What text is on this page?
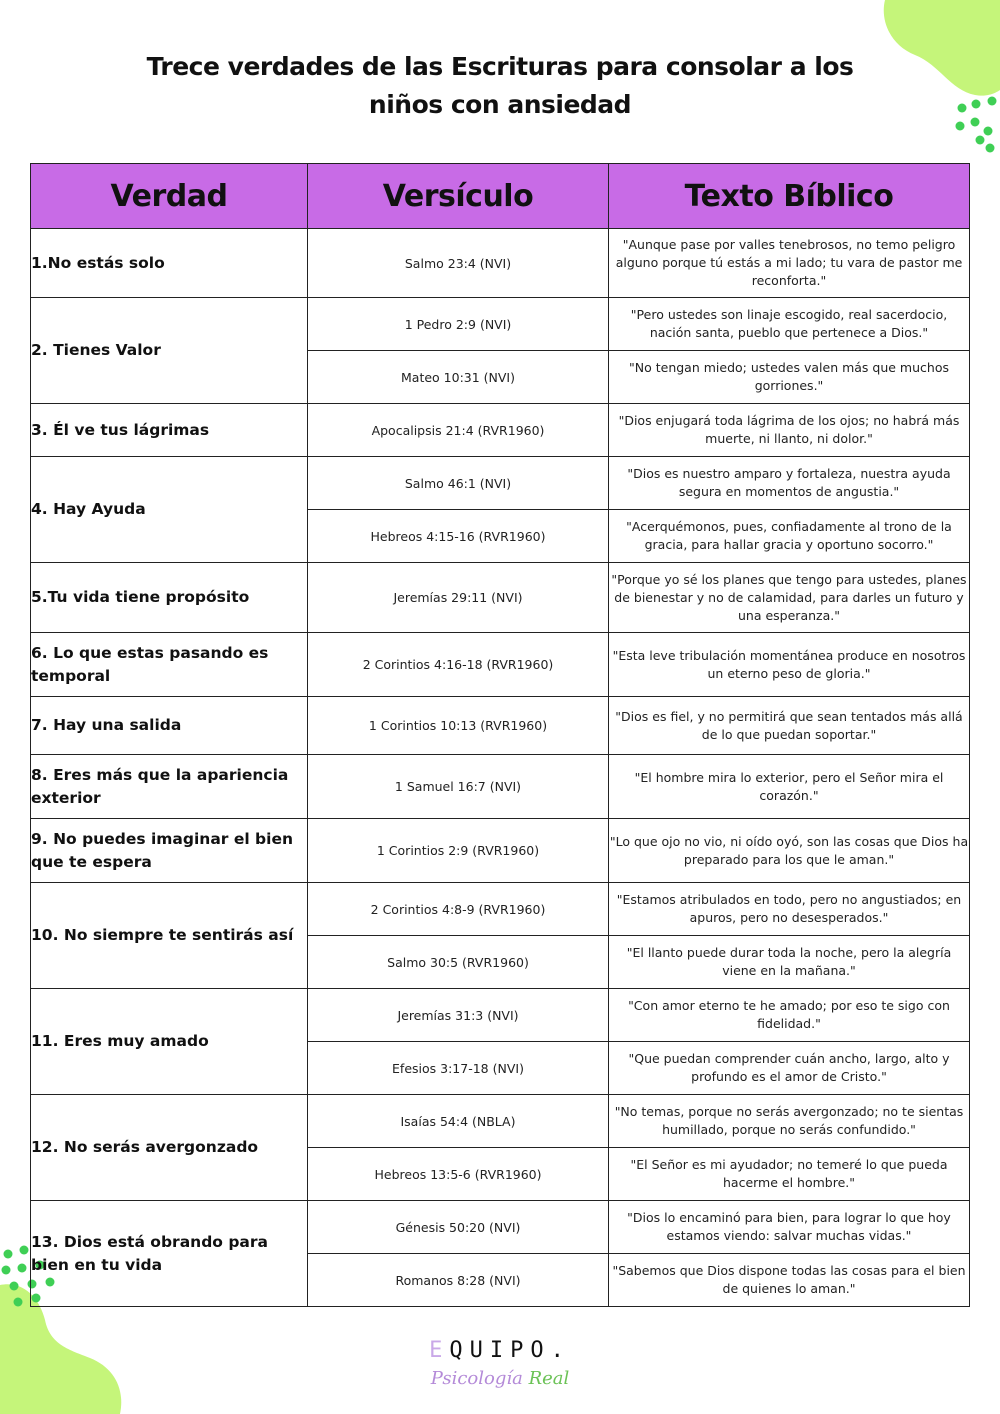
Trece verdades de las Escrituras para consolar a los niños con ansiedad
Verdad	Versículo	Texto Bíblico
1.No estás solo	Salmo 23:4 (NVI)	"Aunque pase por valles tenebrosos, no temo peligro alguno porque tú estás a mi lado; tu vara de pastor me reconforta."
2. Tienes Valor	1 Pedro 2:9 (NVI)	"Pero ustedes son linaje escogido, real sacerdocio, nación santa, pueblo que pertenece a Dios."
	Mateo 10:31 (NVI)	"No tengan miedo; ustedes valen más que muchos gorriones."
3. Él ve tus lágrimas	Apocalipsis 21:4 (RVR1960)	"Dios enjugará toda lágrima de los ojos; no habrá más muerte, ni llanto, ni dolor."
4. Hay Ayuda	Salmo 46:1 (NVI)	"Dios es nuestro amparo y fortaleza, nuestra ayuda segura en momentos de angustia."
	Hebreos 4:15-16 (RVR1960)	"Acerquémonos, pues, confiadamente al trono de la gracia, para hallar gracia y oportuno socorro."
5.Tu vida tiene propósito	Jeremías 29:11 (NVI)	"Porque yo sé los planes que tengo para ustedes, planes de bienestar y no de calamidad, para darles un futuro y una esperanza."
6. Lo que estas pasando es temporal	2 Corintios 4:16-18 (RVR1960)	"Esta leve tribulación momentánea produce en nosotros un eterno peso de gloria."
7. Hay una salida	1 Corintios 10:13 (RVR1960)	"Dios es fiel, y no permitirá que sean tentados más allá de lo que puedan soportar."
8. Eres más que la apariencia exterior	1 Samuel 16:7 (NVI)	"El hombre mira lo exterior, pero el Señor mira el corazón."
9. No puedes imaginar el bien que te espera	1 Corintios 2:9 (RVR1960)	"Lo que ojo no vio, ni oído oyó, son las cosas que Dios ha preparado para los que le aman."
10. No siempre te sentirás así	2 Corintios 4:8-9 (RVR1960)	"Estamos atribulados en todo, pero no angustiados; en apuros, pero no desesperados."
	Salmo 30:5 (RVR1960)	"El llanto puede durar toda la noche, pero la alegría viene en la mañana."
11. Eres muy amado	Jeremías 31:3 (NVI)	"Con amor eterno te he amado; por eso te sigo con fidelidad."
	Efesios 3:17-18 (NVI)	"Que puedan comprender cuán ancho, largo, alto y profundo es el amor de Cristo."
12. No serás avergonzado	Isaías 54:4 (NBLA)	"No temas, porque no serás avergonzado; no te sientas humillado, porque no serás confundido."
	Hebreos 13:5-6 (RVR1960)	"El Señor es mi ayudador; no temeré lo que pueda hacerme el hombre."
13. Dios está obrando para bien en tu vida	Génesis 50:20 (NVI)	"Dios lo encaminó para bien, para lograr lo que hoy estamos viendo: salvar muchas vidas."
	Romanos 8:28 (NVI)	"Sabemos que Dios dispone todas las cosas para el bien de quienes lo aman."
EQUIPO.
Psicología Real
